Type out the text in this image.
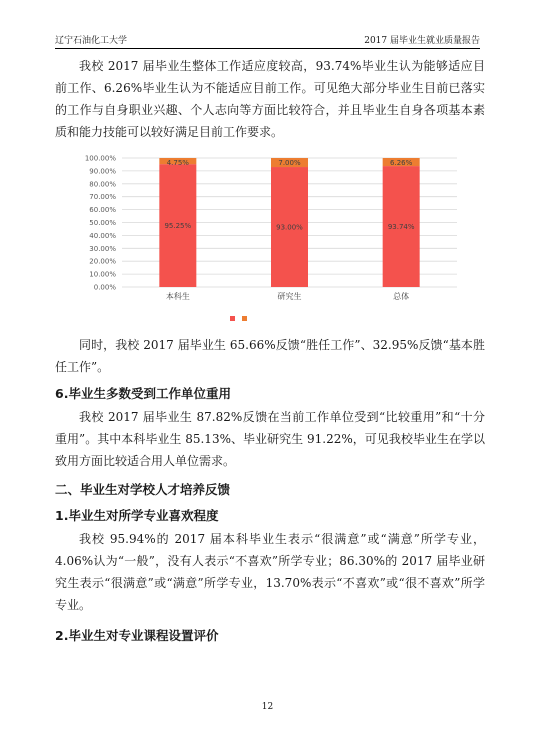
辽宁石油化工大学	2017 届毕业生就业质量报告

我校 2017 届毕业生整体工作适应度较高，93.74%毕业生认为能够适应目前工作、6.26%毕业生认为不能适应目前工作。可见绝大部分毕业生目前已落实的工作与自身职业兴趣、个人志向等方面比较符合，并且毕业生自身各项基本素质和能力技能可以较好满足目前工作要求。

0.00%
10.00%
20.00%
30.00%
40.00%
50.00%
60.00%
70.00%
80.00%
90.00%
100.00%
95.25%
4.75%
93.00%
7.00%
93.74%
6.26%
本科生	研究生	总体

同时，我校 2017 届毕业生 65.66%反馈“胜任工作”、32.95%反馈“基本胜任工作”。

6.毕业生多数受到工作单位重用

我校 2017 届毕业生 87.82%反馈在当前工作单位受到“比较重用”和“十分重用”。其中本科毕业生 85.13%、毕业研究生 91.22%，可见我校毕业生在学以致用方面比较适合用人单位需求。

二、毕业生对学校人才培养反馈
1.毕业生对所学专业喜欢程度

我校 95.94%的 2017 届本科毕业生表示“很满意”或“满意”所学专业，4.06%认为“一般”，没有人表示“不喜欢”所学专业；86.30%的 2017 届毕业研究生表示“很满意”或“满意”所学专业，13.70%表示“不喜欢”或“很不喜欢”所学专业。

2.毕业生对专业课程设置评价
12
